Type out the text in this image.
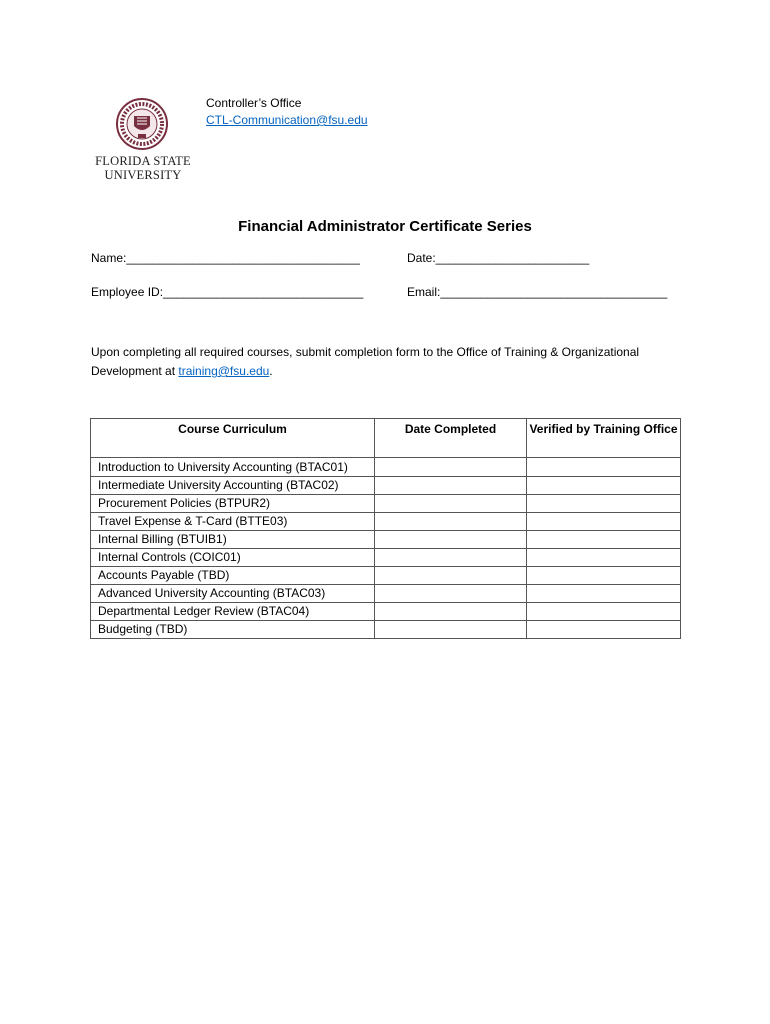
FLORIDA STATE
UNIVERSITY
Controller’s Office
CTL-Communication@fsu.edu
Financial Administrator Certificate Series
Name:___________________________________	Date:_______________________
Employee ID:______________________________	Email:__________________________________
Upon completing all required courses, submit completion form to the Office of Training & Organizational Development at training@fsu.edu.
Course Curriculum	Date Completed	Verified by Training Office
Introduction to University Accounting (BTAC01)		
Intermediate University Accounting (BTAC02)		
Procurement Policies (BTPUR2)		
Travel Expense & T-Card (BTTE03)		
Internal Billing (BTUIB1)		
Internal Controls (COIC01)		
Accounts Payable (TBD)		
Advanced University Accounting (BTAC03)		
Departmental Ledger Review (BTAC04)		
Budgeting (TBD)		
